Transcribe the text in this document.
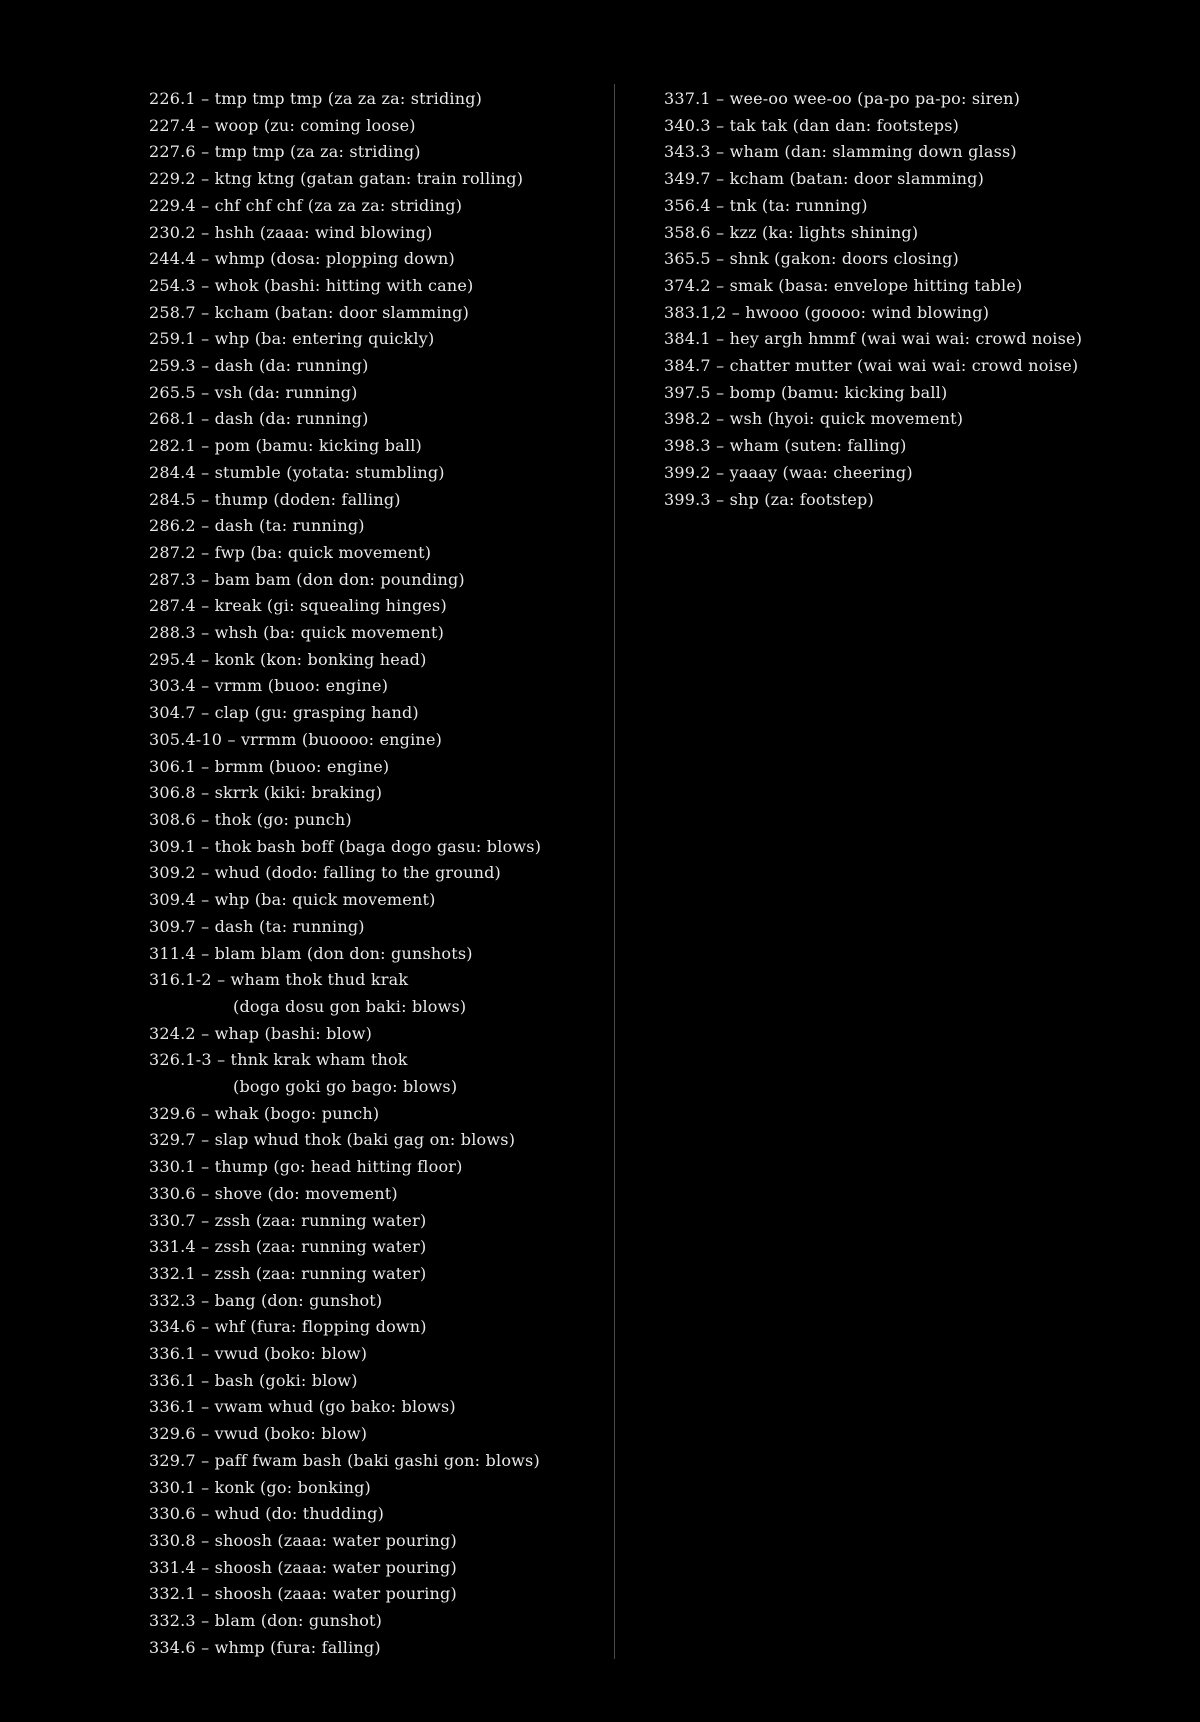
226.1 – tmp tmp tmp (za za za: striding)
227.4 – woop (zu: coming loose)
227.6 – tmp tmp (za za: striding)
229.2 – ktng ktng (gatan gatan: train rolling)
229.4 – chf chf chf (za za za: striding)
230.2 – hshh (zaaa: wind blowing)
244.4 – whmp (dosa: plopping down)
254.3 – whok (bashi: hitting with cane)
258.7 – kcham (batan: door slamming)
259.1 – whp (ba: entering quickly)
259.3 – dash (da: running)
265.5 – vsh (da: running)
268.1 – dash (da: running)
282.1 – pom (bamu: kicking ball)
284.4 – stumble (yotata: stumbling)
284.5 – thump (doden: falling)
286.2 – dash (ta: running)
287.2 – fwp (ba: quick movement)
287.3 – bam bam (don don: pounding)
287.4 – kreak (gi: squealing hinges)
288.3 – whsh (ba: quick movement)
295.4 – konk (kon: bonking head)
303.4 – vrmm (buoo: engine)
304.7 – clap (gu: grasping hand)
305.4-10 – vrrmm (buoooo: engine)
306.1 – brmm (buoo: engine)
306.8 – skrrk (kiki: braking)
308.6 – thok (go: punch)
309.1 – thok bash boff (baga dogo gasu: blows)
309.2 – whud (dodo: falling to the ground)
309.4 – whp (ba: quick movement)
309.7 – dash (ta: running)
311.4 – blam blam (don don: gunshots)
316.1-2 – wham thok thud krak
(doga dosu gon baki: blows)
324.2 – whap (bashi: blow)
326.1-3 – thnk krak wham thok
(bogo goki go bago: blows)
329.6 – whak (bogo: punch)
329.7 – slap whud thok (baki gag on: blows)
330.1 – thump (go: head hitting floor)
330.6 – shove (do: movement)
330.7 – zssh (zaa: running water)
331.4 – zssh (zaa: running water)
332.1 – zssh (zaa: running water)
332.3 – bang (don: gunshot)
334.6 – whf (fura: flopping down)
336.1 – vwud (boko: blow)
336.1 – bash (goki: blow)
336.1 – vwam whud (go bako: blows)
329.6 – vwud (boko: blow)
329.7 – paff fwam bash (baki gashi gon: blows)
330.1 – konk (go: bonking)
330.6 – whud (do: thudding)
330.8 – shoosh (zaaa: water pouring)
331.4 – shoosh (zaaa: water pouring)
332.1 – shoosh (zaaa: water pouring)
332.3 – blam (don: gunshot)
334.6 – whmp (fura: falling)
337.1 – wee-oo wee-oo (pa-po pa-po: siren)
340.3 – tak tak (dan dan: footsteps)
343.3 – wham (dan: slamming down glass)
349.7 – kcham (batan: door slamming)
356.4 – tnk (ta: running)
358.6 – kzz (ka: lights shining)
365.5 – shnk (gakon: doors closing)
374.2 – smak (basa: envelope hitting table)
383.1,2 – hwooo (goooo: wind blowing)
384.1 – hey argh hmmf (wai wai wai: crowd noise)
384.7 – chatter mutter (wai wai wai: crowd noise)
397.5 – bomp (bamu: kicking ball)
398.2 – wsh (hyoi: quick movement)
398.3 – wham (suten: falling)
399.2 – yaaay (waa: cheering)
399.3 – shp (za: footstep)
